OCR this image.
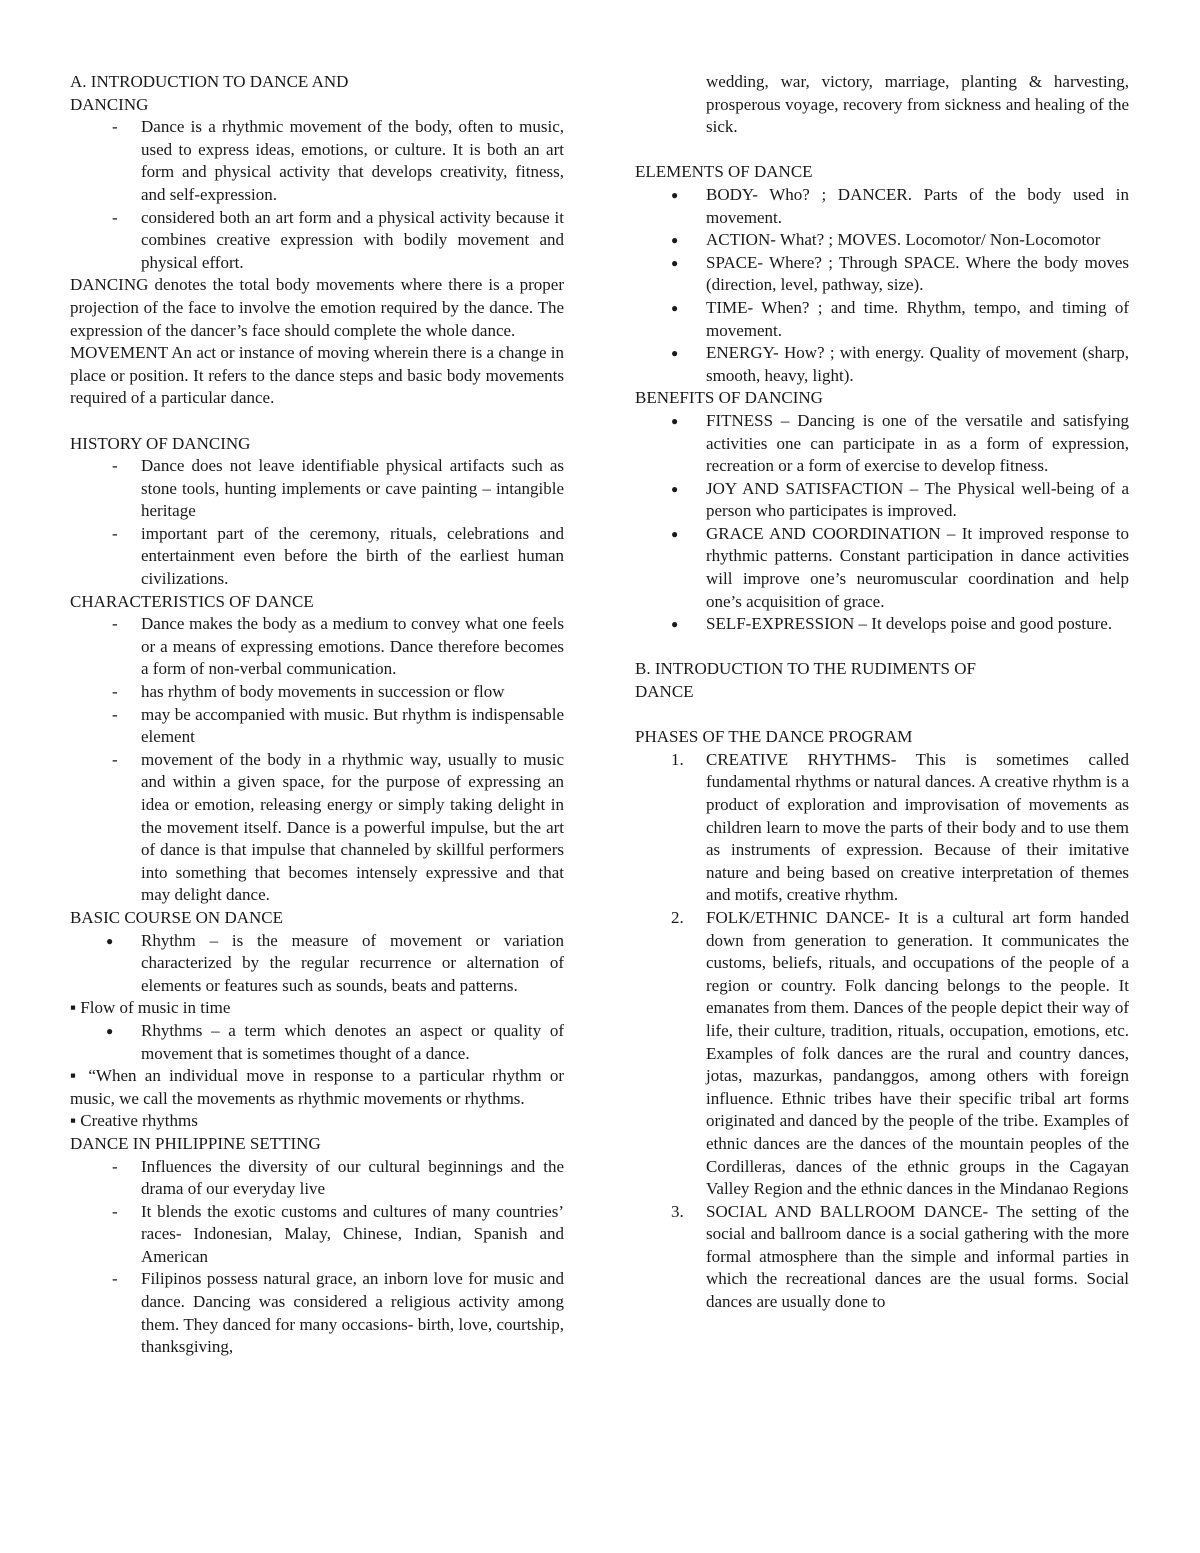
A. INTRODUCTION TO DANCE AND

DANCING

-	Dance is a rhythmic movement of the body, often to music, used to express ideas, emotions, or culture. It is both an art form and physical activity that develops creativity, fitness, and self-expression.
-	considered both an art form and a physical activity because it combines creative expression with bodily movement and physical effort.

DANCING denotes the total body movements where there is a proper projection of the face to involve the emotion required by the dance. The expression of the dancer’s face should complete the whole dance.

MOVEMENT An act or instance of moving wherein there is a change in place or position. It refers to the dance steps and basic body movements required of a particular dance.

HISTORY OF DANCING

-	Dance does not leave identifiable physical artifacts such as stone tools, hunting implements or cave painting – intangible heritage
-	important part of the ceremony, rituals, celebrations and entertainment even before the birth of the earliest human civilizations.

CHARACTERISTICS OF DANCE

-	Dance makes the body as a medium to convey what one feels or a means of expressing emotions. Dance therefore becomes a form of non-verbal communication.
-	has rhythm of body movements in succession or flow
-	may be accompanied with music. But rhythm is indispensable element
-	movement of the body in a rhythmic way, usually to music and within a given space, for the purpose of expressing an idea or emotion, releasing energy or simply taking delight in the movement itself. Dance is a powerful impulse, but the art of dance is that impulse that channeled by skillful performers into something that becomes intensely expressive and that may delight dance.

BASIC COURSE ON DANCE

●	Rhythm – is the measure of movement or variation characterized by the regular recurrence or alternation of elements or features such as sounds, beats and patterns.

▪ Flow of music in time

●	Rhythms – a term which denotes an aspect or quality of movement that is sometimes thought of a dance.

▪ “When an individual move in response to a particular rhythm or music, we call the movements as rhythmic movements or rhythms.

▪ Creative rhythms

DANCE IN PHILIPPINE SETTING

-	Influences the diversity of our cultural beginnings and the drama of our everyday live
-	It blends the exotic customs and cultures of many countries’ races- Indonesian, Malay, Chinese, Indian, Spanish and American
-	Filipinos possess natural grace, an inborn love for music and dance. Dancing was considered a religious activity among them. They danced for many occasions- birth, love, courtship, thanksgiving,
wedding, war, victory, marriage, planting & harvesting, prosperous voyage, recovery from sickness and healing of the sick.

ELEMENTS OF DANCE

●	BODY- Who? ; DANCER. Parts of the body used in movement.
●	ACTION- What? ; MOVES. Locomotor/ Non-Locomotor
●	SPACE- Where? ; Through SPACE. Where the body moves (direction, level, pathway, size).
●	TIME- When? ; and time. Rhythm, tempo, and timing of movement.
●	ENERGY- How? ; with energy. Quality of movement (sharp, smooth, heavy, light).

BENEFITS OF DANCING

●	FITNESS – Dancing is one of the versatile and satisfying activities one can participate in as a form of expression, recreation or a form of exercise to develop fitness.
●	JOY AND SATISFACTION – The Physical well-being of a person who participates is improved.
●	GRACE AND COORDINATION – It improved response to rhythmic patterns. Constant participation in dance activities will improve one’s neuromuscular coordination and help one’s acquisition of grace.
●	SELF-EXPRESSION – It develops poise and good posture.

B. INTRODUCTION TO THE RUDIMENTS OF

DANCE

PHASES OF THE DANCE PROGRAM

1. CREATIVE RHYTHMS- This is sometimes called fundamental rhythms or natural dances. A creative rhythm is a product of exploration and improvisation of movements as children learn to move the parts of their body and to use them as instruments of expression. Because of their imitative nature and being based on creative interpretation of themes and motifs, creative rhythm.
2. FOLK/ETHNIC DANCE- It is a cultural art form handed down from generation to generation. It communicates the customs, beliefs, rituals, and occupations of the people of a region or country. Folk dancing belongs to the people. It emanates from them. Dances of the people depict their way of life, their culture, tradition, rituals, occupation, emotions, etc. Examples of folk dances are the rural and country dances, jotas, mazurkas, pandanggos, among others with foreign influence. Ethnic tribes have their specific tribal art forms originated and danced by the people of the tribe. Examples of ethnic dances are the dances of the mountain peoples of the Cordilleras, dances of the ethnic groups in the Cagayan Valley Region and the ethnic dances in the Mindanao Regions
3. SOCIAL AND BALLROOM DANCE- The setting of the social and ballroom dance is a social gathering with the more formal atmosphere than the simple and informal parties in which the recreational dances are the usual forms. Social dances are usually done to
